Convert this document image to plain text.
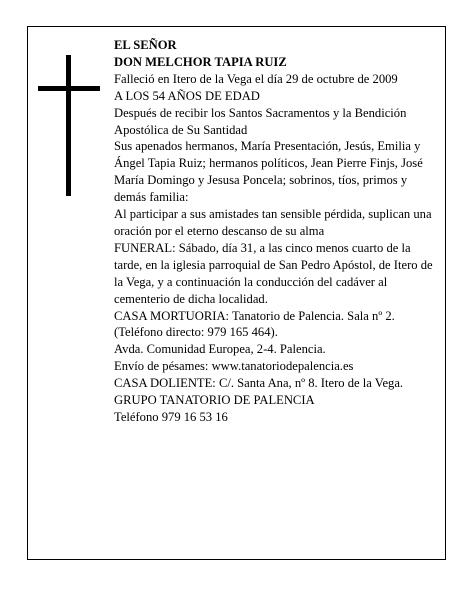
EL SEÑOR

DON MELCHOR TAPIA RUIZ

Falleció en Itero de la Vega el día 29 de octubre de 2009

A LOS 54 AÑOS DE EDAD

Después de recibir los Santos Sacramentos y la Bendición Apostólica de Su Santidad

Sus apenados hermanos, María Presentación, Jesús, Emilia y Ángel Tapia Ruiz; hermanos políticos, Jean Pierre Finjs, José María Domingo y Jesusa Poncela; sobrinos, tíos, primos y demás familia:

Al participar a sus amistades tan sensible pérdida, suplican una oración por el eterno descanso de su alma

FUNERAL: Sábado, día 31, a las cinco menos cuarto de la tarde, en la iglesia parroquial de San Pedro Apóstol, de Itero de la Vega, y a continuación la conducción del cadáver al cementerio de dicha localidad.

CASA MORTUORIA: Tanatorio de Palencia. Sala nº 2. (Teléfono directo: 979 165 464).

Avda. Comunidad Europea, 2-4. Palencia.

Envío de pésames: www.tanatoriodepalencia.es

CASA DOLIENTE: C/. Santa Ana, nº 8. Itero de la Vega.

GRUPO TANATORIO DE PALENCIA

Teléfono 979 16 53 16
